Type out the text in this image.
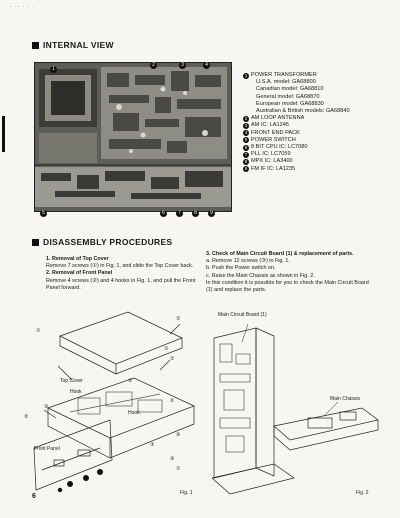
· ·· · · ·
INTERNAL VIEW
1
2	3	4
5	6	7	8	9
1 POWER TRANSFORMER
U.S.A. model: GA68800
Canadian model: GA68810
General model: GA68870
European model: GA68830
Australian & British models: GA68840
2 AM LOOP ANTENNA
3 AM IC: LA1245
4 FRONT END PACK
5 POWER SWITCH
6 8 BIT CPU IC: LC7080
7 PLL IC: LC7059
8 MPX IC: LA3400
9 FM IF IC: LA1235
DISASSEMBLY PROCEDURES
1. Removal of Top Cover
Remove 7 screws (①) in Fig. 1, and slide the Top Cover back.
2. Removal of Front Panel
Remove 4 screws (②) and 4 hooks in Fig. 1, and pull the Front Panel forward.
3. Check of Main Circuit Board (1) & replacement of parts.
a. Remove 12 screws (③) in Fig. 1.
b. Push the Power switch on.
c. Raise the Main Chassis as shown in Fig. 2.
In this condition it is possible for you to check the Main Circuit Board (1) and replace the parts.
Top Cover
Hook
Hook
Front Panel
①
①
①
①
②
②
②
③
③
③
③
①
Fig. 1
Main Circuit Board (1)
Main Chassis
Fig. 2
6
